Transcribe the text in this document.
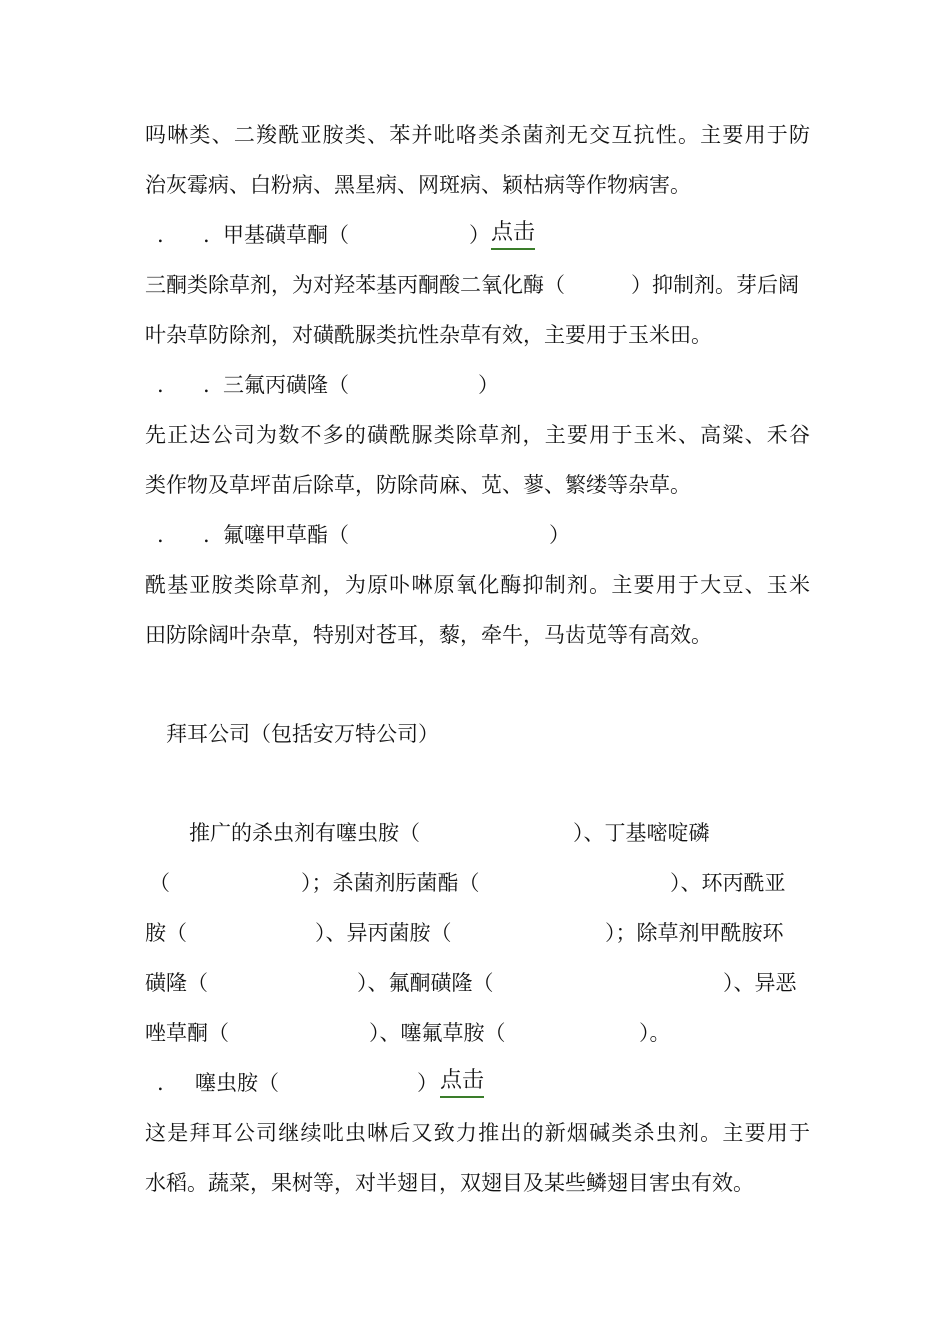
吗啉类、二羧酰亚胺类、苯并吡咯类杀菌剂无交互抗性。主要用于防
治灰霉病、白粉病、黑星病、网斑病、颖枯病等作物病害。
. . 甲基磺草酮（	） 点击
三酮类除草剂，为对羟苯基丙酮酸二氧化酶（	）抑制剂。芽后阔
叶杂草防除剂，对磺酰脲类抗性杂草有效，主要用于玉米田。
. . 三氟丙磺隆（	）
先正达公司为数不多的磺酰脲类除草剂，主要用于玉米、高粱、禾谷
类作物及草坪苗后除草，防除苘麻、苋、蓼、繁缕等杂草。
. . 氟噻甲草酯（	）
酰基亚胺类除草剂，为原卟啉原氧化酶抑制剂。主要用于大豆、玉米
田防除阔叶杂草，特别对苍耳，藜，牵牛，马齿苋等有高效。
拜耳公司（包括安万特公司）
推广的杀虫剂有噻虫胺（	）、丁基嘧啶磷
（	）；杀菌剂肟菌酯（	）、环丙酰亚
胺（	）、异丙菌胺（	）；除草剂甲酰胺环
磺隆（	）、氟酮磺隆（	）、异恶
唑草酮（	）、噻氟草胺（	）。
. 噻虫胺（	） 点击
这是拜耳公司继续吡虫啉后又致力推出的新烟碱类杀虫剂。主要用于
水稻。蔬菜，果树等，对半翅目，双翅目及某些鳞翅目害虫有效。
